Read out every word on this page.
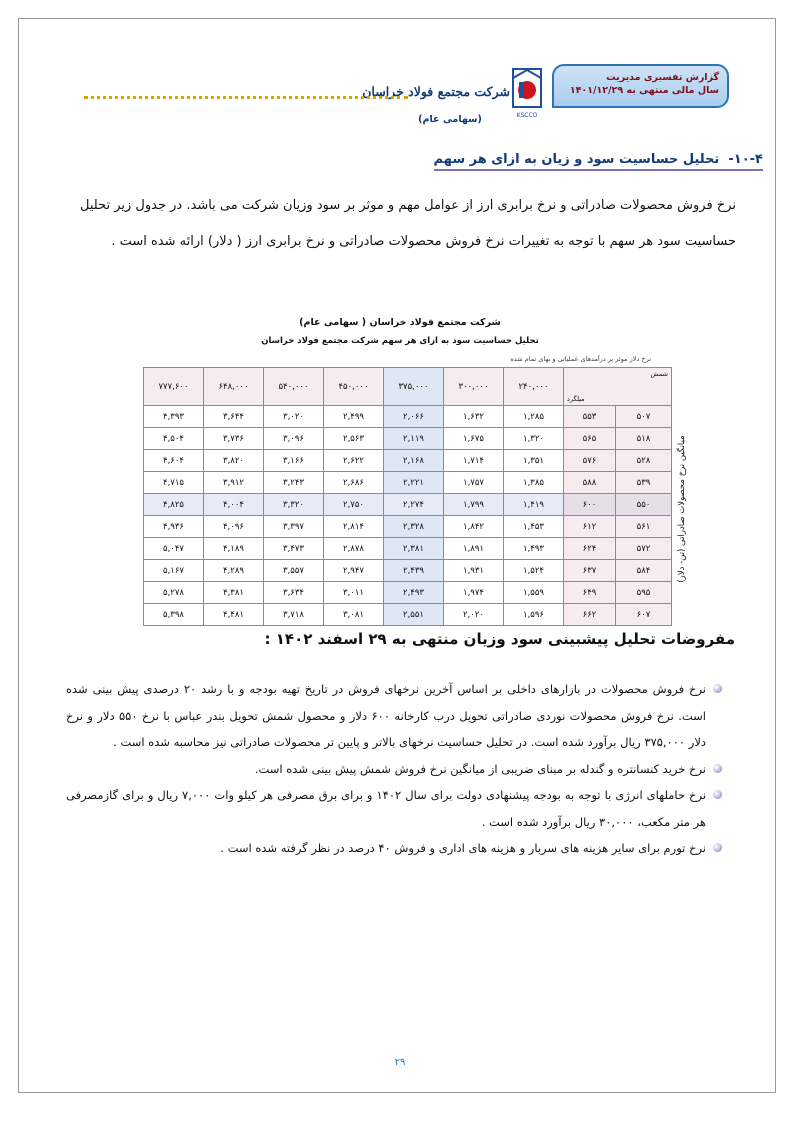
گزارش تفسیری مدیریت
سال مالی منتهی به ۱۴۰۱/۱۲/۲۹
KSCCO
شرکت مجتمع فولاد خراسان
(سهامی عام)
۱۰-۴-  تحلیل حساسیت سود و زیان به ازای هر سهم
نرخ فروش محصولات صادراتی و نرخ برابری ارز از عوامل مهم و موثر بر سود وزیان شرکت می باشد. در جدول زیر تحلیل حساسیت سود هر سهم با توجه به تغییرات نرخ فروش محصولات صادراتی و نرخ برابری ارز ( دلار) ارائه شده است .
شرکت مجتمع فولاد خراسان ( سهامی عام)
تحلیل حساسیت سود به ازای هر سهم شرکت مجتمع فولاد خراسان
نرخ دلار موثر بر درآمدهای عملیاتی و بهای تمام شده
۷۷۷,۶۰۰	۶۴۸,۰۰۰	۵۴۰,۰۰۰	۴۵۰,۰۰۰	۳۷۵,۰۰۰	۳۰۰,۰۰۰	۲۴۰,۰۰۰	میلگرد
شمش	

۴,۳۹۳	۳,۶۴۴	۳,۰۲۰	۲,۴۹۹	۲,۰۶۶	۱,۶۳۲	۱,۲۸۵	۵۵۳	۵۰۷
۴,۵۰۴	۳,۷۳۶	۳,۰۹۶	۲,۵۶۳	۲,۱۱۹	۱,۶۷۵	۱,۳۲۰	۵۶۵	۵۱۸
۴,۶۰۴	۳,۸۲۰	۳,۱۶۶	۲,۶۲۲	۲,۱۶۸	۱,۷۱۴	۱,۳۵۱	۵۷۶	۵۲۸
۴,۷۱۵	۳,۹۱۲	۳,۲۴۳	۲,۶۸۶	۲,۲۲۱	۱,۷۵۷	۱,۳۸۵	۵۸۸	۵۳۹
۴,۸۲۵	۴,۰۰۴	۳,۳۲۰	۲,۷۵۰	۲,۲۷۴	۱,۷۹۹	۱,۴۱۹	۶۰۰	۵۵۰
۴,۹۳۶	۴,۰۹۶	۳,۳۹۷	۲,۸۱۴	۲,۳۲۸	۱,۸۴۲	۱,۴۵۳	۶۱۲	۵۶۱
۵,۰۴۷	۴,۱۸۹	۳,۴۷۳	۲,۸۷۸	۲,۳۸۱	۱,۸۹۱	۱,۴۹۳	۶۲۴	۵۷۲
۵,۱۶۷	۴,۲۸۹	۳,۵۵۷	۲,۹۴۷	۲,۴۳۹	۱,۹۳۱	۱,۵۲۴	۶۳۷	۵۸۴
۵,۲۷۸	۴,۳۸۱	۳,۶۳۴	۳,۰۱۱	۲,۴۹۳	۱,۹۷۴	۱,۵۵۹	۶۴۹	۵۹۵
۵,۳۹۸	۴,۴۸۱	۳,۷۱۸	۳,۰۸۱	۲,۵۵۱	۲,۰۲۰	۱,۵۹۶	۶۶۲	۶۰۷
میانگین نرخ محصولات صادراتی (تن- دلار)
مفروضات تحلیل پیشبینی سود وزیان منتهی به ۲۹ اسفند ۱۴۰۲ :
نرخ فروش محصولات در بازارهای داخلی بر اساس آخرین نرخهای فروش در تاریخ تهیه بودجه و با رشد ۲۰ درصدی پیش بینی شده است. نرخ فروش محصولات نوردی صادراتی تحویل درب کارخانه ۶۰۰ دلار و محصول شمش تحویل بندر عباس با نرخ ۵۵۰ دلار و نرخ دلار ۳۷۵,۰۰۰ ریال برآورد شده است. در تحلیل حساسیت نرخهای بالاتر و پایین تر محصولات صادراتی نیز محاسبه شده است .
نرخ خرید کنسانتره و گندله بر مبنای ضریبی از میانگین نرخ فروش شمش پیش بینی شده است.
نرخ حاملهای انرژی با توجه به بودجه پیشنهادی دولت برای سال ۱۴۰۲ و برای برق مصرفی هر کیلو وات ۷,۰۰۰ ریال و برای گازمصرفی هر متر مکعب، ۳۰,۰۰۰ ریال برآورد شده است .
نرخ تورم برای سایر هزینه های سربار و هزینه های اداری و فروش ۴۰ درصد در نظر گرفته شده است .
۲۹
